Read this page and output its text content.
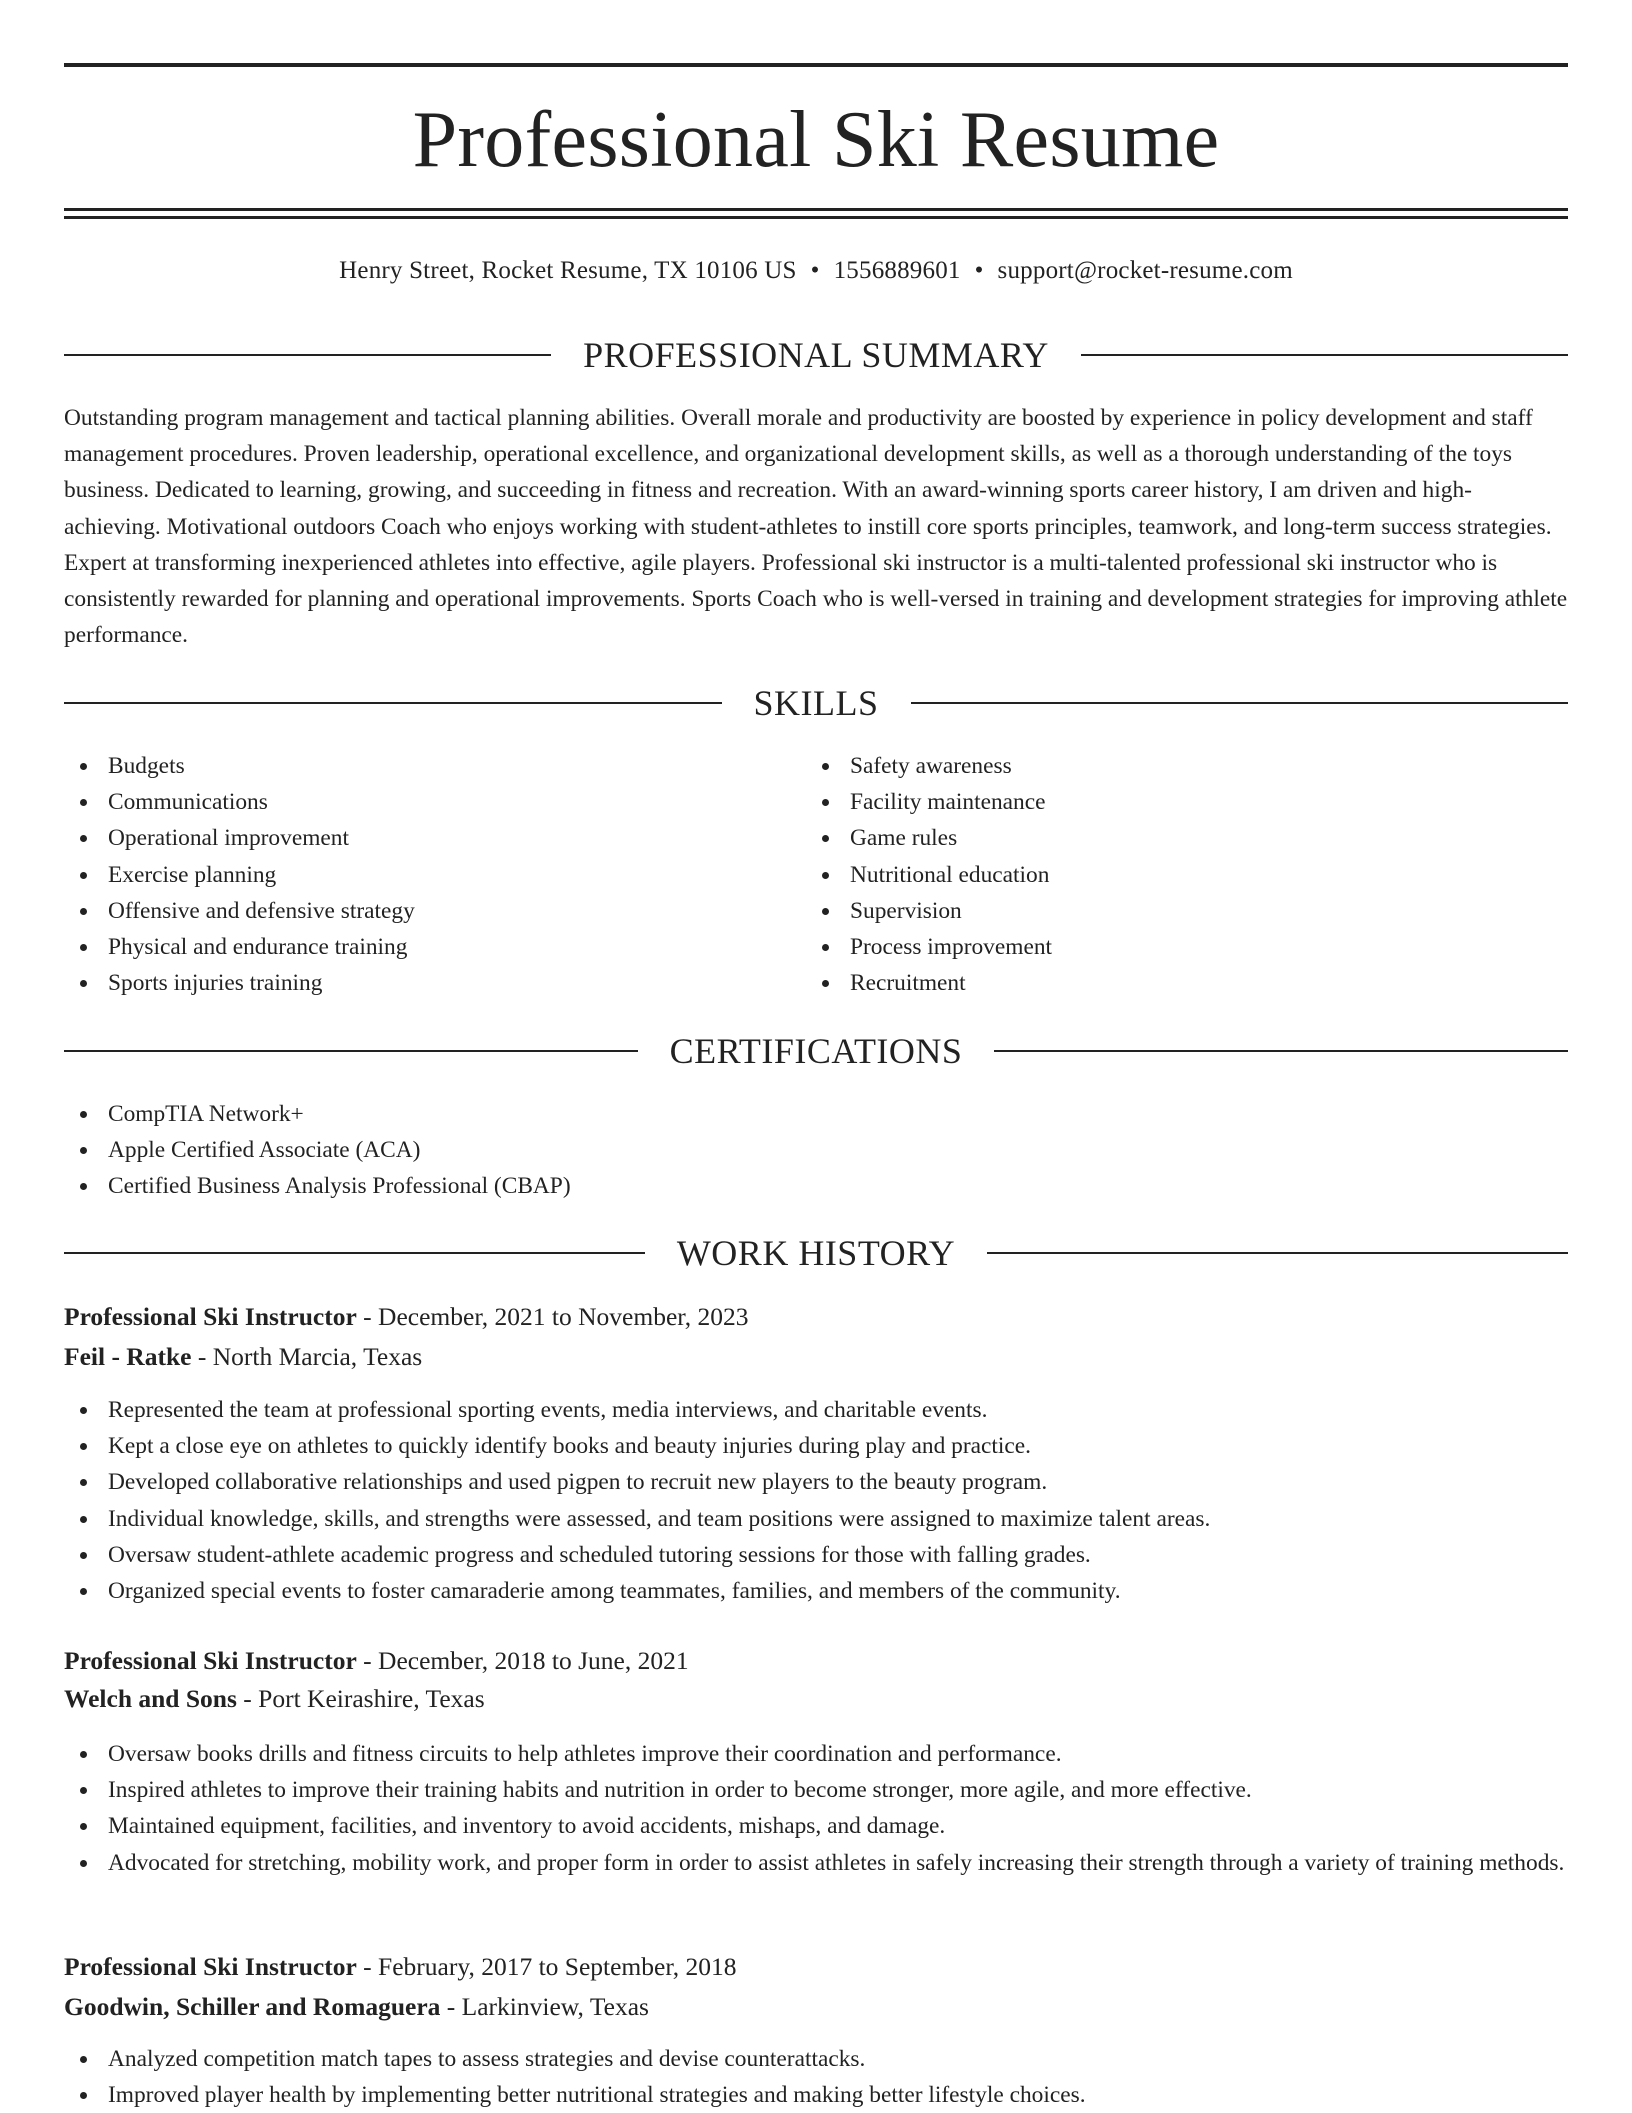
Professional Ski Resume
Henry Street, Rocket Resume, TX 10106 US • 1556889601 • support@rocket-resume.com
PROFESSIONAL SUMMARY

Outstanding program management and tactical planning abilities. Overall morale and productivity are boosted by experience in policy development and staff management procedures. Proven leadership, operational excellence, and organizational development skills, as well as a thorough understanding of the toys business. Dedicated to learning, growing, and succeeding in fitness and recreation. With an award-winning sports career history, I am driven and high-achieving. Motivational outdoors Coach who enjoys working with student-athletes to instill core sports principles, teamwork, and long-term success strategies. Expert at transforming inexperienced athletes into effective, agile players. Professional ski instructor is a multi-talented professional ski instructor who is consistently rewarded for planning and operational improvements. Sports Coach who is well-versed in training and development strategies for improving athlete performance.

SKILLS
Budgets
Communications
Operational improvement
Exercise planning
Offensive and defensive strategy
Physical and endurance training
Sports injuries training
Safety awareness
Facility maintenance
Game rules
Nutritional education
Supervision
Process improvement
Recruitment
CERTIFICATIONS
CompTIA Network+
Apple Certified Associate (ACA)
Certified Business Analysis Professional (CBAP)
WORK HISTORY
Professional Ski Instructor - December, 2021 to November, 2023
Feil - Ratke - North Marcia, Texas
Represented the team at professional sporting events, media interviews, and charitable events.
Kept a close eye on athletes to quickly identify books and beauty injuries during play and practice.
Developed collaborative relationships and used pigpen to recruit new players to the beauty program.
Individual knowledge, skills, and strengths were assessed, and team positions were assigned to maximize talent areas.
Oversaw student-athlete academic progress and scheduled tutoring sessions for those with falling grades.
Organized special events to foster camaraderie among teammates, families, and members of the community.
Professional Ski Instructor - December, 2018 to June, 2021
Welch and Sons - Port Keirashire, Texas
Oversaw books drills and fitness circuits to help athletes improve their coordination and performance.
Inspired athletes to improve their training habits and nutrition in order to become stronger, more agile, and more effective.
Maintained equipment, facilities, and inventory to avoid accidents, mishaps, and damage.
Advocated for stretching, mobility work, and proper form in order to assist athletes in safely increasing their strength through a variety of training methods.
Professional Ski Instructor - February, 2017 to September, 2018
Goodwin, Schiller and Romaguera - Larkinview, Texas
Analyzed competition match tapes to assess strategies and devise counterattacks.
Improved player health by implementing better nutritional strategies and making better lifestyle choices.
